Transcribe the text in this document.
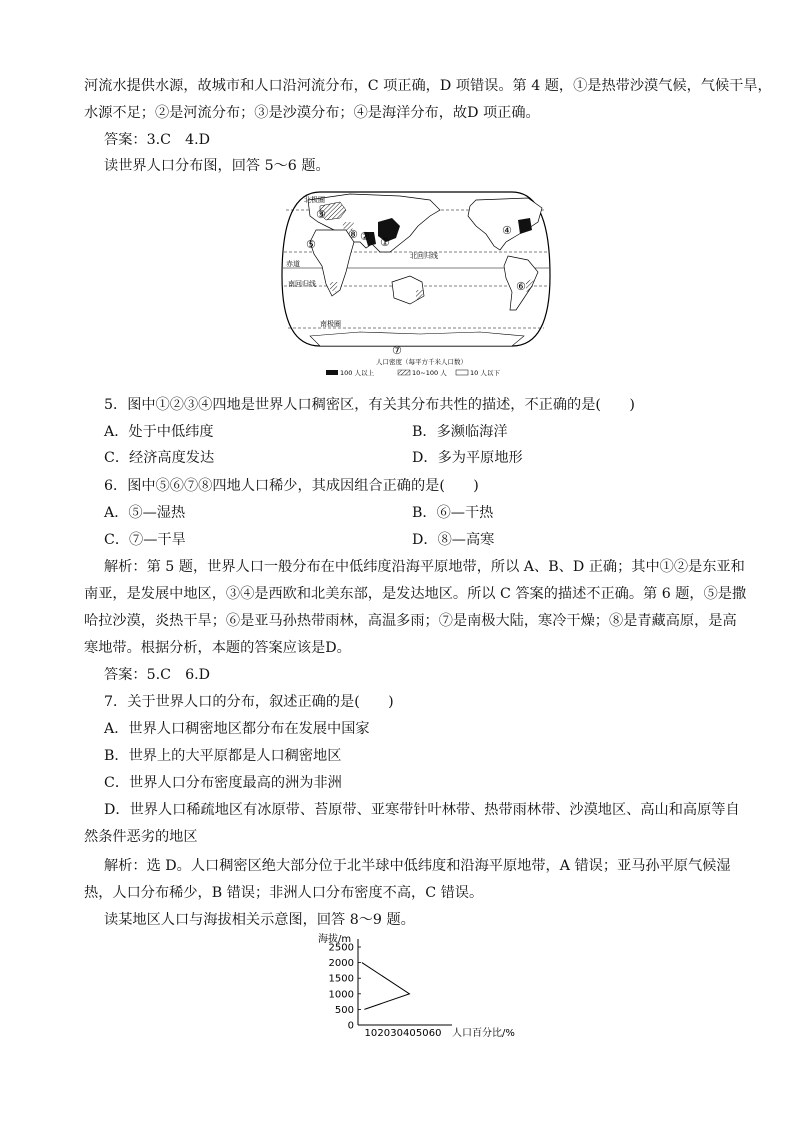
河流水提供水源，故城市和人口沿河流分布，C 项正确，D 项错误。第 4 题，①是热带沙漠气候，气候干旱，
水源不足；②是河流分布；③是沙漠分布；④是海洋分布，故D 项正确。
答案：3.C　4.D
读世界人口分布图，回答 5～6 题。
③
①
②	④
⑤
⑥
⑦
⑧
北极圈
北回归线
赤道
南回归线
南极圈
人口密度（每平方千米人口数）
100 人以上	10~100 人	10 人以下
5．图中①②③④四地是世界人口稠密区，有关其分布共性的描述，不正确的是(　　)
A．处于中低纬度	B．多濒临海洋
C．经济高度发达	D．多为平原地形
6．图中⑤⑥⑦⑧四地人口稀少，其成因组合正确的是(　　)
A．⑤—湿热	B．⑥—干热
C．⑦—干旱	D．⑧—高寒
解析：第 5 题，世界人口一般分布在中低纬度沿海平原地带，所以 A、B、D 正确；其中①②是东亚和
南亚，是发展中地区，③④是西欧和北美东部，是发达地区。所以 C 答案的描述不正确。第 6 题，⑤是撒
哈拉沙漠，炎热干旱；⑥是亚马孙热带雨林，高温多雨；⑦是南极大陆，寒冷干燥；⑧是青藏高原，是高
寒地带。根据分析，本题的答案应该是D。
答案：5.C　6.D
7．关于世界人口的分布，叙述正确的是(　　)
A．世界人口稠密地区都分布在发展中国家
B．世界上的大平原都是人口稠密地区
C．世界人口分布密度最高的洲为非洲
D．世界人口稀疏地区有冰原带、苔原带、亚寒带针叶林带、热带雨林带、沙漠地区、高山和高原等自
然条件恶劣的地区
解析：选 D。人口稠密区绝大部分位于北半球中低纬度和沿海平原地带，A 错误；亚马孙平原气候湿
热，人口分布稀少，B 错误；非洲人口分布密度不高，C 错误。
读某地区人口与海拔相关示意图，回答 8～9 题。
海拔/m
0
500
1000
1500
2000
2500
10 20 30 40 50 60 人口百分比/%
